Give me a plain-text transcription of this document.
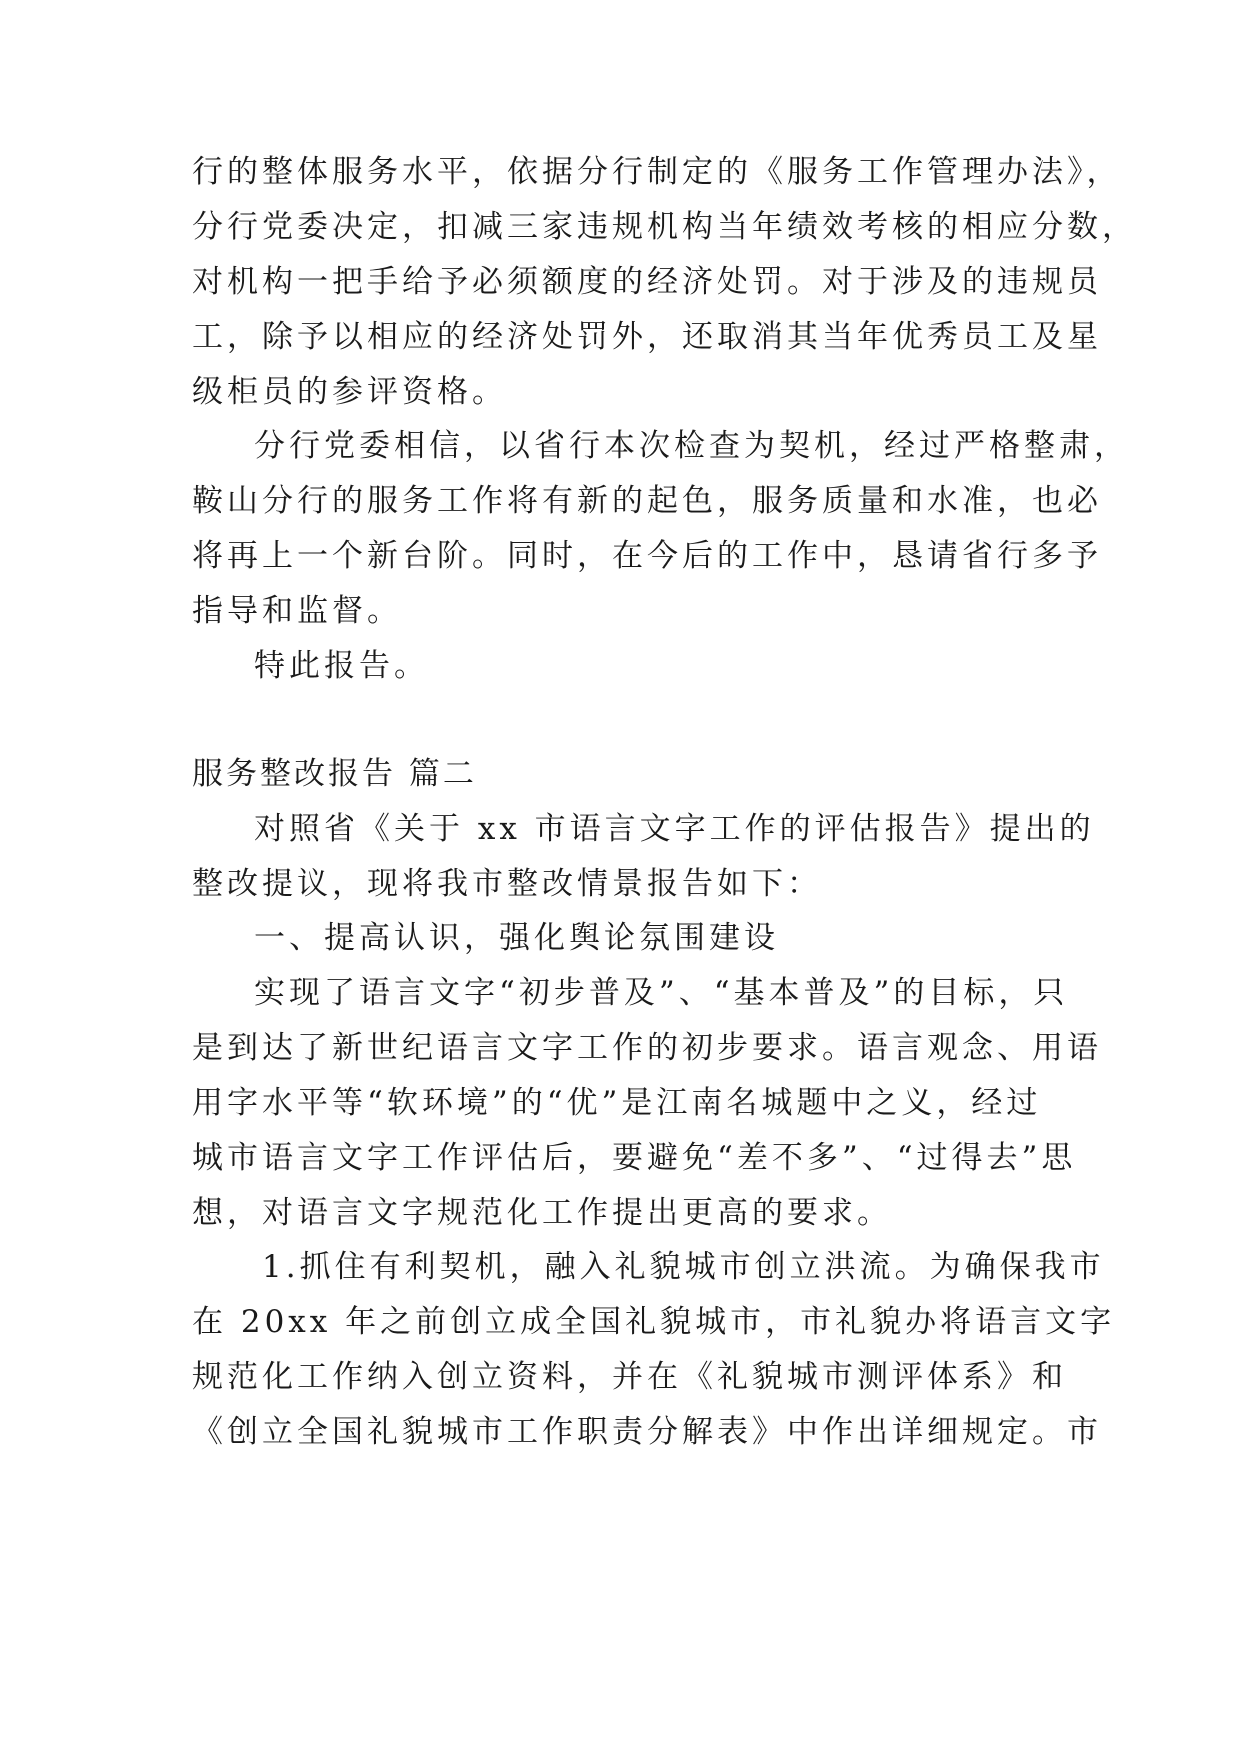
行的整体服务水平，依据分行制定的《服务工作管理办法》，
分行党委决定，扣减三家违规机构当年绩效考核的相应分数，
对机构一把手给予必须额度的经济处罚。对于涉及的违规员
工，除予以相应的经济处罚外，还取消其当年优秀员工及星
级柜员的参评资格。
分行党委相信，以省行本次检查为契机，经过严格整肃，
鞍山分行的服务工作将有新的起色，服务质量和水准，也必
将再上一个新台阶。同时，在今后的工作中，恳请省行多予
指导和监督。
特此报告。
服务整改报告 篇二
对照省《关于 xx 市语言文字工作的评估报告》提出的
整改提议，现将我市整改情景报告如下：
一、提高认识，强化舆论氛围建设
实现了语言文字“初步普及”、“基本普及”的目标，只
是到达了新世纪语言文字工作的初步要求。语言观念、用语
用字水平等“软环境”的“优”是江南名城题中之义，经过
城市语言文字工作评估后，要避免“差不多”、“过得去”思
想，对语言文字规范化工作提出更高的要求。
1.抓住有利契机，融入礼貌城市创立洪流。为确保我市
在 20xx 年之前创立成全国礼貌城市，市礼貌办将语言文字
规范化工作纳入创立资料，并在《礼貌城市测评体系》和
《创立全国礼貌城市工作职责分解表》中作出详细规定。市
